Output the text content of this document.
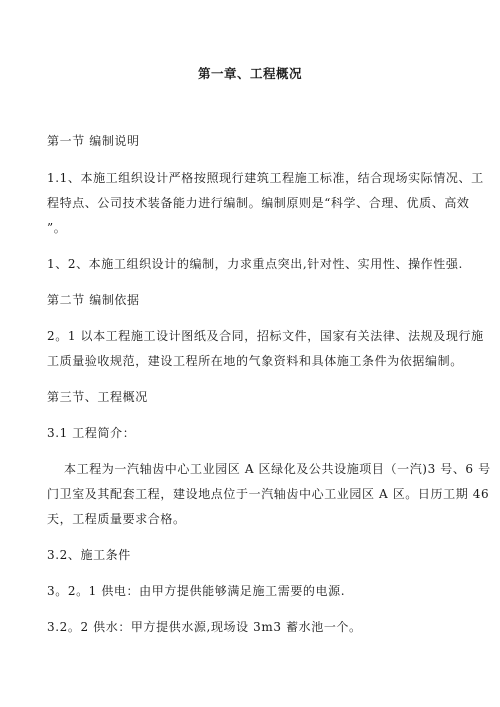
第一章、工程概况
第一节 编制说明
1.1、本施工组织设计严格按照现行建筑工程施工标准，结合现场实际情况、工
程特点、公司技术装备能力进行编制。编制原则是“科学、合理、优质、高效
”。
1、2、本施工组织设计的编制，力求重点突出,针对性、实用性、操作性强.
第二节 编制依据
2。1 以本工程施工设计图纸及合同，招标文件，国家有关法律、法规及现行施
工质量验收规范，建设工程所在地的气象资料和具体施工条件为依据编制。
第三节、工程概况
3.1 工程简介：
本工程为一汽轴齿中心工业园区 A 区绿化及公共设施项目（一汽)3 号、6 号
门卫室及其配套工程，建设地点位于一汽轴齿中心工业园区 A 区。日历工期 46
天，工程质量要求合格。
3.2、施工条件
3。2。1 供电：由甲方提供能够满足施工需要的电源.
3.2。2 供水：甲方提供水源,现场设 3m3 蓄水池一个。
